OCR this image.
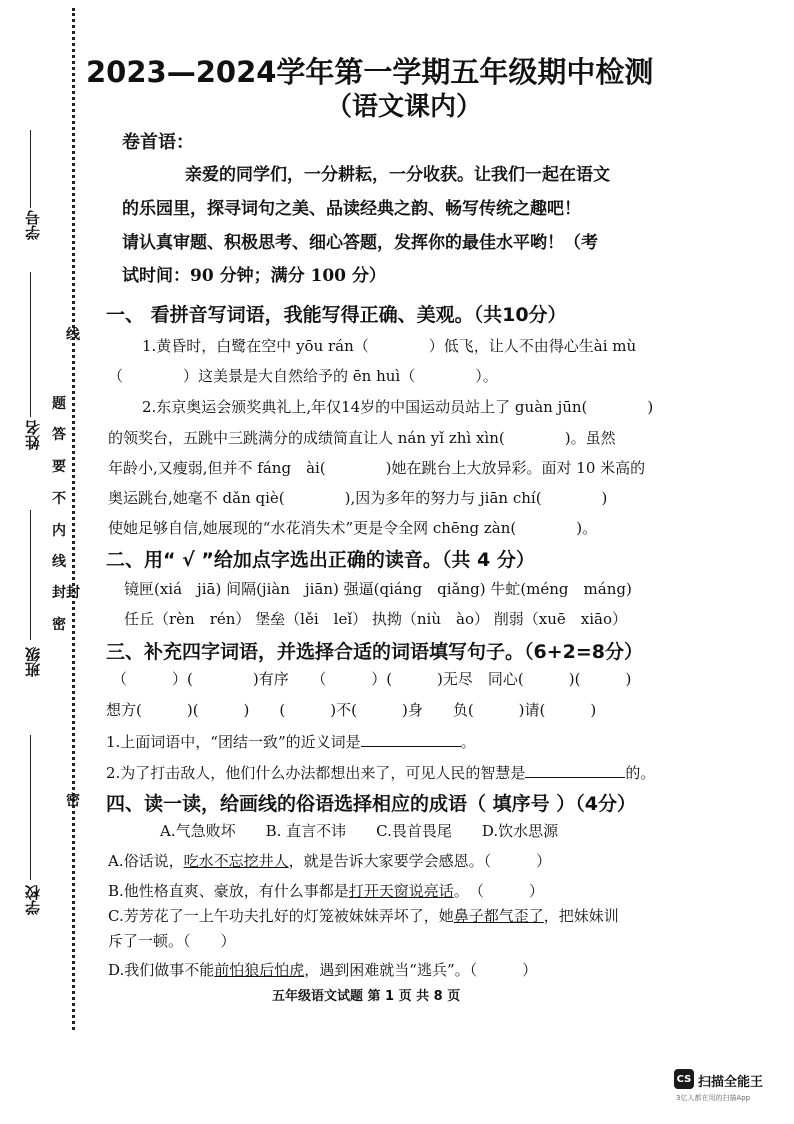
学号
姓名
班级
学校
线
题
答
要
不
内
线
封
密
封
密
2023—2024学年第一学期五年级期中检测
（语文课内）
卷首语：
亲爱的同学们，一分耕耘，一分收获。让我们一起在语文
的乐园里，探寻词句之美、品读经典之韵、畅写传统之趣吧！
请认真审题、积极思考、细心答题，发挥你的最佳水平哟！（考
试时间：90 分钟；满分 100 分）
一、 看拼音写词语，我能写得正确、美观。（共10分）
1.黄昏时，白鹭在空中 yōu rán（　　　　）低飞，让人不由得心生ài mù
（　　　　）这美景是大自然给予的 ēn huì（　　　　）。
2.东京奥运会颁奖典礼上,年仅14岁的中国运动员站上了 guàn jūn(　　　　)
的领奖台，五跳中三跳满分的成绩简直让人 nán yǐ zhì xìn(　　　　)。虽然
年龄小,又瘦弱,但并不 fáng　ài(　　　　)她在跳台上大放异彩。面对 10 米高的
奥运跳台,她毫不 dǎn qiè(　　　　),因为多年的努力与 jiān chí(　　　　)
使她足够自信,她展现的“水花消失术”更是令全网 chēng zàn(　　　　)。
二、用“ √ ”给加点字选出正确的读音。（共 4 分）
镜匣(xiá　jiā) 间隔(jiàn　jiān) 强逼(qiáng　qiǎng) 牛虻(méng　máng)
任丘（rèn　rén） 堡垒（lěi　leǐ） 执拗（niù　ào） 削弱（xuē　xiāo）
三、补充四字词语，并选择合适的词语填写句子。（6+2=8分）
（　　　）(　　　　)有序　　（　　　）(　　　)无尽　同心(　　　)(　　　)
想方(　　　)(　　　)　　(　　　)不(　　　)身　　负(　　　)请(　　　)
1.上面词语中，“团结一致”的近义词是	。
2.为了打击敌人，他们什么办法都想出来了，可见人民的智慧是	的。
四、读一读，给画线的俗语选择相应的成语（ 填序号 ）（4分）
A.气急败坏　　B. 直言不讳　　C.畏首畏尾　　D.饮水思源
A.俗话说，吃水不忘挖井人，就是告诉大家要学会感恩。（　　　）
B.他性格直爽、豪放，有什么事都是打开天窗说亮话。　（　　　）
C.芳芳花了一上午功夫扎好的灯笼被妹妹弄坏了，她鼻子都气歪了，把妹妹训
斥了一顿。（　　）
D.我们做事不能前怕狼后怕虎，遇到困难就当“逃兵”。（　　　）
五年级语文试题 第 1 页 共 8 页
CS 扫描全能王
3亿人都在用的扫描App
